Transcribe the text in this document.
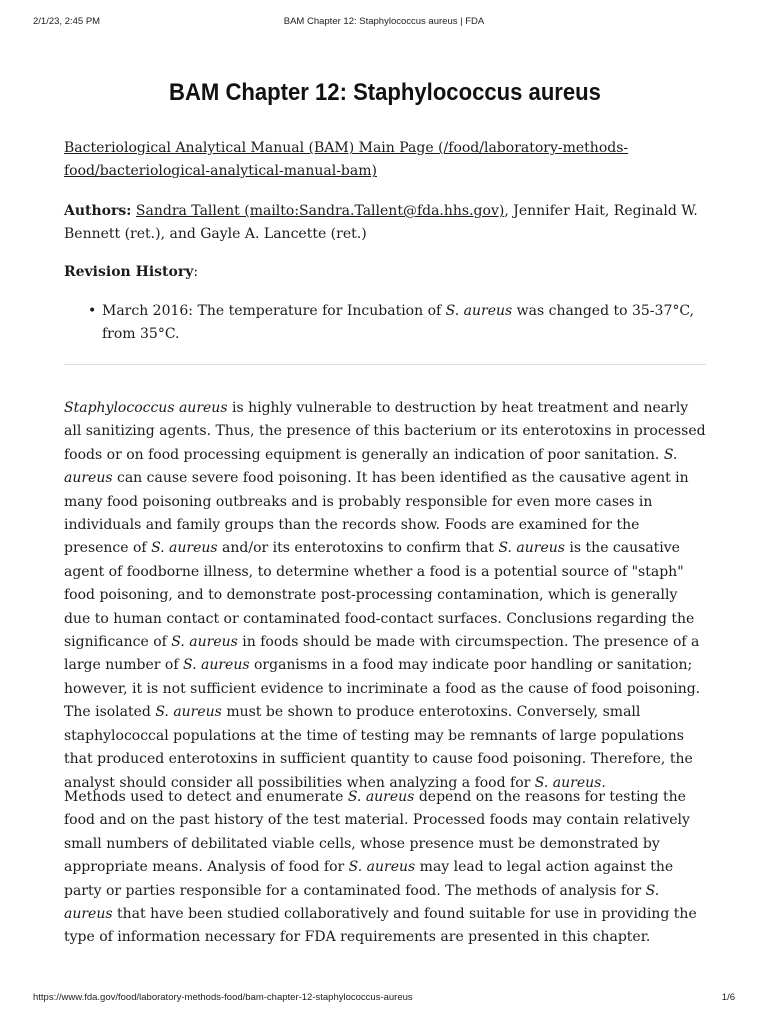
2/1/23, 2:45 PM	BAM Chapter 12: Staphylococcus aureus | FDA
BAM Chapter 12: Staphylococcus aureus
Bacteriological Analytical Manual (BAM) Main Page (/food/laboratory-methods-food/bacteriological-analytical-manual-bam)
Authors: Sandra Tallent (mailto:Sandra.Tallent@fda.hhs.gov), Jennifer Hait, Reginald W. Bennett (ret.), and Gayle A. Lancette (ret.)
Revision History:
• March 2016: The temperature for Incubation of S. aureus was changed to 35-37°C, from 35°C.

Staphylococcus aureus is highly vulnerable to destruction by heat treatment and nearly all sanitizing agents. Thus, the presence of this bacterium or its enterotoxins in processed foods or on food processing equipment is generally an indication of poor sanitation. S. aureus can cause severe food poisoning. It has been identified as the causative agent in many food poisoning outbreaks and is probably responsible for even more cases in individuals and family groups than the records show. Foods are examined for the presence of S. aureus and/or its enterotoxins to confirm that S. aureus is the causative agent of foodborne illness, to determine whether a food is a potential source of "staph" food poisoning, and to demonstrate post-processing contamination, which is generally due to human contact or contaminated food-contact surfaces. Conclusions regarding the significance of S. aureus in foods should be made with circumspection. The presence of a large number of S. aureus organisms in a food may indicate poor handling or sanitation; however, it is not sufficient evidence to incriminate a food as the cause of food poisoning. The isolated S. aureus must be shown to produce enterotoxins. Conversely, small staphylococcal populations at the time of testing may be remnants of large populations that produced enterotoxins in sufficient quantity to cause food poisoning. Therefore, the analyst should consider all possibilities when analyzing a food for S. aureus.

Methods used to detect and enumerate S. aureus depend on the reasons for testing the food and on the past history of the test material. Processed foods may contain relatively small numbers of debilitated viable cells, whose presence must be demonstrated by appropriate means. Analysis of food for S. aureus may lead to legal action against the party or parties responsible for a contaminated food. The methods of analysis for S. aureus that have been studied collaboratively and found suitable for use in providing the type of information necessary for FDA requirements are presented in this chapter.

https://www.fda.gov/food/laboratory-methods-food/bam-chapter-12-staphylococcus-aureus	1/6
